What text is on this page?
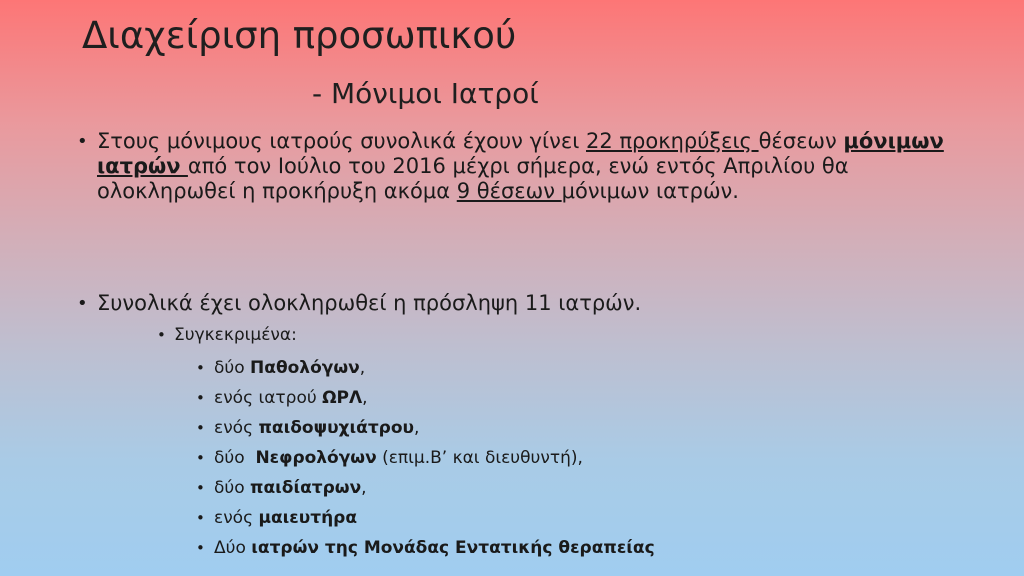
Διαχείριση προσωπικού
- Μόνιμοι Ιατροί
• Στους μόνιμους ιατρούς συνολικά έχουν γίνει 22 προκηρύξεις θέσεων μόνιμων ιατρών από τον Ιούλιο του 2016 μέχρι σήμερα, ενώ εντός Απριλίου θα ολοκληρωθεί η προκήρυξη ακόμα 9 θέσεων μόνιμων ιατρών.
• Συνολικά έχει ολοκληρωθεί η πρόσληψη 11 ιατρών.
• Συγκεκριμένα:
• δύο Παθολόγων,
• ενός ιατρού ΩΡΛ,
• ενός παιδοψυχιάτρου,
• δύο  Νεφρολόγων (επιμ.Β’ και διευθυντή),
• δύο παιδίατρων,
• ενός μαιευτήρα
• Δύο ιατρών της Μονάδας Εντατικής θεραπείας
